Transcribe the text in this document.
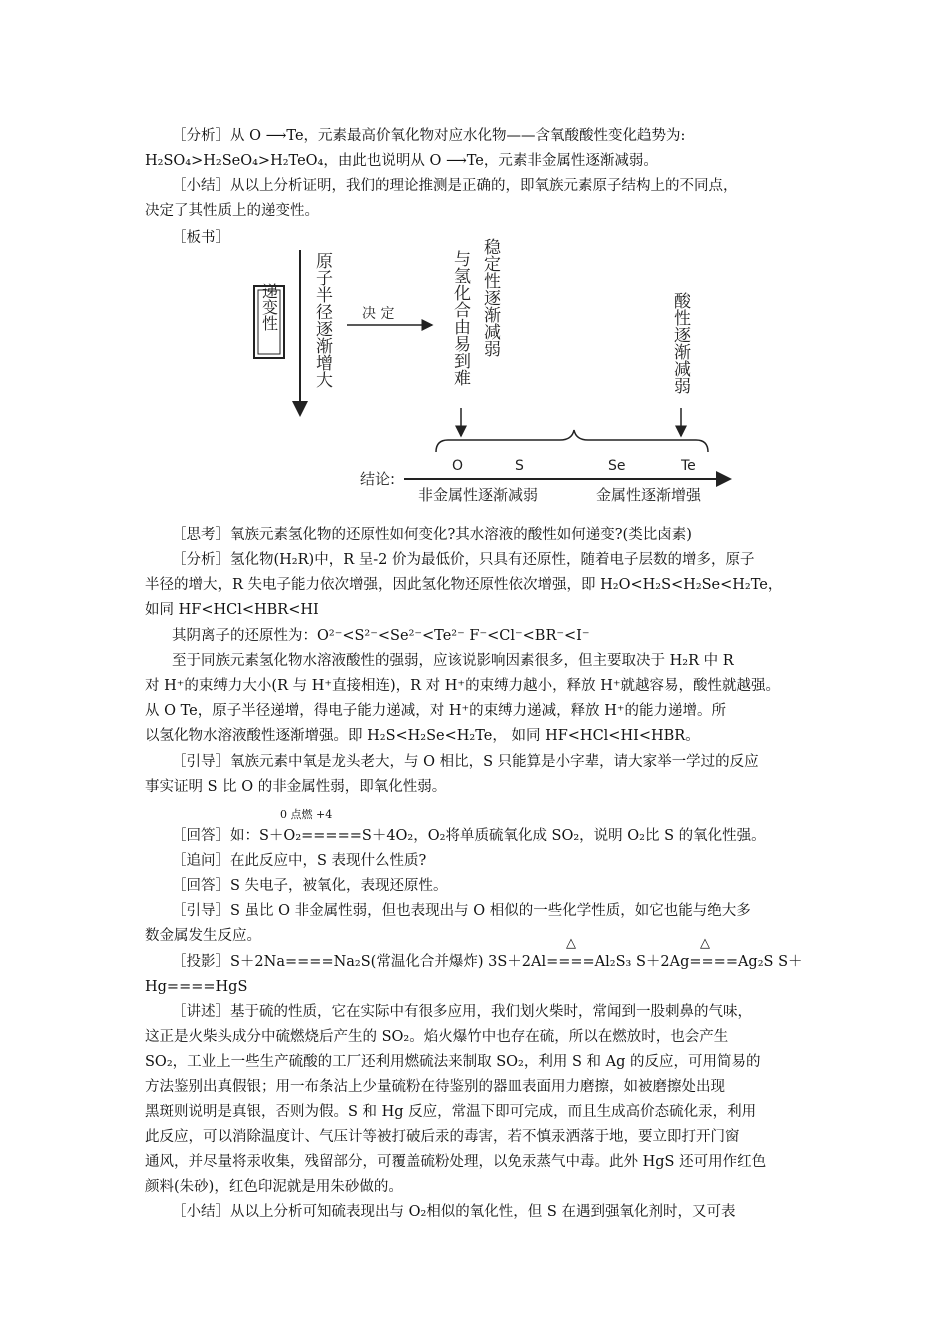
［分析］从 O ⟶Te，元素最高价氧化物对应水化物——含氧酸酸性变化趋势为:
H₂SO₄>H₂SeO₄>H₂TeO₄，由此也说明从 O ⟶Te，元素非金属性逐渐减弱。
［小结］从以上分析证明，我们的理论推测是正确的，即氧族元素原子结构上的不同点，
决定了其性质上的递变性。
［板书］
递变性 原子半径逐渐增大 决 定	与氢化合由易到难 稳定性逐渐减弱	酸性逐渐减弱
O	S	Se	Te
结论:
非金属性逐渐减弱	金属性逐渐增强
［思考］氧族元素氢化物的还原性如何变化?其水溶液的酸性如何递变?(类比卤素)
［分析］氢化物(H₂R)中，R 呈-2 价为最低价，只具有还原性，随着电子层数的增多，原子
半径的增大，R 失电子能力依次增强，因此氢化物还原性依次增强，即 H₂O<H₂S<H₂Se<H₂Te，
如同 HF<HCl<HBR<HI
其阴离子的还原性为：O²⁻<S²⁻<Se²⁻<Te²⁻ F⁻<Cl⁻<BR⁻<I⁻
至于同族元素氢化物水溶液酸性的强弱，应该说影响因素很多，但主要取决于 H₂R 中 R
对 H⁺的束缚力大小(R 与 H⁺直接相连)，R 对 H⁺的束缚力越小，释放 H⁺就越容易，酸性就越强。
从 O Te，原子半径递增，得电子能力递减，对 H⁺的束缚力递减，释放 H⁺的能力递增。所
以氢化物水溶液酸性逐渐增强。即 H₂S<H₂Se<H₂Te， 如同 HF<HCl<HI<HBR。
［引导］氧族元素中氧是龙头老大，与 O 相比，S 只能算是小字辈，请大家举一学过的反应
事实证明 S 比 O 的非金属性弱，即氧化性弱。
0 点燃 +4
［回答］如：S＋O₂=====S＋4O₂，O₂将单质硫氧化成 SO₂，说明 O₂比 S 的氧化性强。
［追问］在此反应中，S 表现什么性质?
［回答］S 失电子，被氧化，表现还原性。
［引导］S 虽比 O 非金属性弱，但也表现出与 O 相似的一些化学性质，如它也能与绝大多
数金属发生反应。	△	△
［投影］S＋2Na====Na₂S(常温化合并爆炸) 3S＋2Al====Al₂S₃ S＋2Ag====Ag₂S S＋
Hg====HgS
［讲述］基于硫的性质，它在实际中有很多应用，我们划火柴时，常闻到一股刺鼻的气味，
这正是火柴头成分中硫燃烧后产生的 SO₂。焰火爆竹中也存在硫，所以在燃放时，也会产生
SO₂，工业上一些生产硫酸的工厂还利用燃硫法来制取 SO₂，利用 S 和 Ag 的反应，可用简易的
方法鉴别出真假银；用一布条沾上少量硫粉在待鉴别的器皿表面用力磨擦，如被磨擦处出现
黑斑则说明是真银，否则为假。S 和 Hg 反应，常温下即可完成，而且生成高价态硫化汞，利用
此反应，可以消除温度计、气压计等被打破后汞的毒害，若不慎汞洒落于地，要立即打开门窗
通风，并尽量将汞收集，残留部分，可覆盖硫粉处理，以免汞蒸气中毒。此外 HgS 还可用作红色
颜料(朱砂)，红色印泥就是用朱砂做的。
［小结］从以上分析可知硫表现出与 O₂相似的氧化性，但 S 在遇到强氧化剂时，又可表
